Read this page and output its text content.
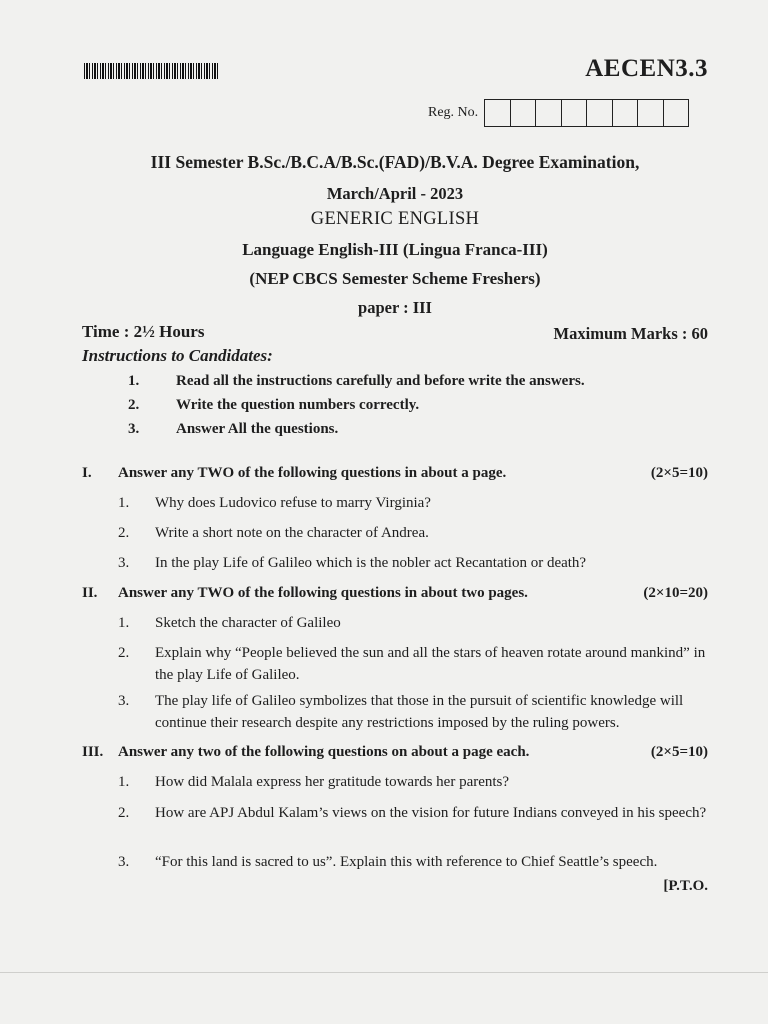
AECEN3.3
Reg. No.
III Semester B.Sc./B.C.A/B.Sc.(FAD)/B.V.A. Degree Examination,
March/April - 2023
GENERIC ENGLISH
Language English-III (Lingua Franca-III)
(NEP CBCS Semester Scheme Freshers)
paper : III
Time : 2½ Hours	Maximum Marks : 60
Instructions to Candidates:
1. Read all the instructions carefully and before write the answers.
2. Write the question numbers correctly.
3. Answer All the questions.
I. Answer any TWO of the following questions in about a page.	(2×5=10)
1. Why does Ludovico refuse to marry Virginia?
2. Write a short note on the character of Andrea.
3. In the play Life of Galileo which is the nobler act Recantation or death?
II. Answer any TWO of the following questions in about two pages.	(2×10=20)
1. Sketch the character of Galileo
2. Explain why “People believed the sun and all the stars of heaven rotate around mankind” in the play Life of Galileo.
3. The play life of Galileo symbolizes that those in the pursuit of scientific knowledge will continue their research despite any restrictions imposed by the ruling powers.
III. Answer any two of the following questions on about a page each.	(2×5=10)
1. How did Malala express her gratitude towards her parents?
2. How are APJ Abdul Kalam’s views on the vision for future Indians conveyed in his speech?
3. “For this land is sacred to us”. Explain this with reference to Chief Seattle’s speech.
[P.T.O.
